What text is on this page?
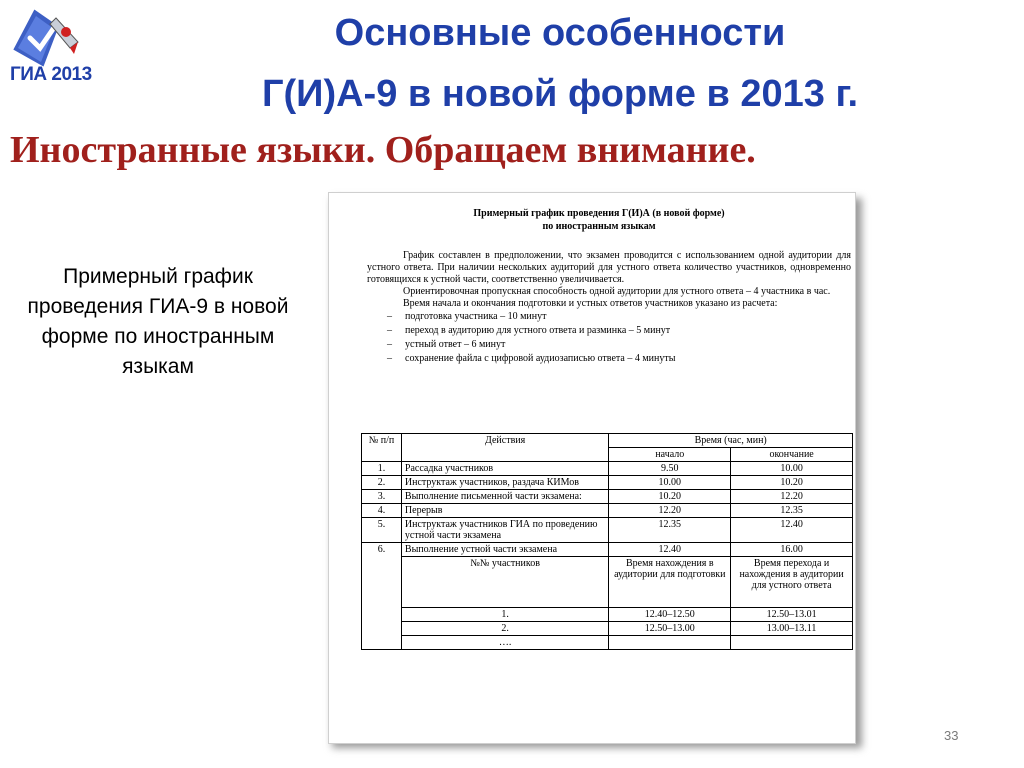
ГИА 2013
Основные особенности
Г(И)А-9 в новой форме в 2013 г.
Иностранные языки. Обращаем внимание.
Примерный график проведения ГИА-9 в новой форме по иностранным языкам
Примерный график проведения Г(И)А (в новой форме)
по иностранным языкам

График составлен в предположении, что экзамен проводится с использованием одной аудитории для устного ответа. При наличии нескольких аудиторий для устного ответа количество участников, одновременно готовящихся к устной части, соответственно увеличивается.

Ориентировочная пропускная способность одной аудитории для устного ответа – 4 участника в час.

Время начала и окончания подготовки и устных ответов участников указано из расчета:

– подготовка участника – 10 минут
– переход в аудиторию для устного ответа и разминка – 5 минут
– устный ответ – 6 минут
– сохранение файла с цифровой аудиозаписью ответа – 4 минуты
№ п/п	Действия	Время (час, мин)	
		начало	окончание
1.	Рассадка участников	9.50	10.00
2.	Инструктаж участников, раздача КИМов	10.00	10.20
3.	Выполнение письменной части экзамена:	10.20	12.20
4.	Перерыв	12.20	12.35
5.	Инструктаж участников ГИА по проведению устной части экзамена	12.35	12.40
6.	Выполнение устной части экзамена	12.40	16.00
	№№ участников	Время нахождения в аудитории для подготовки	Время перехода и нахождения в аудитории для устного ответа
	1.	12.40–12.50	12.50–13.01
	2.	12.50–13.00	13.00–13.11
	….		
33
